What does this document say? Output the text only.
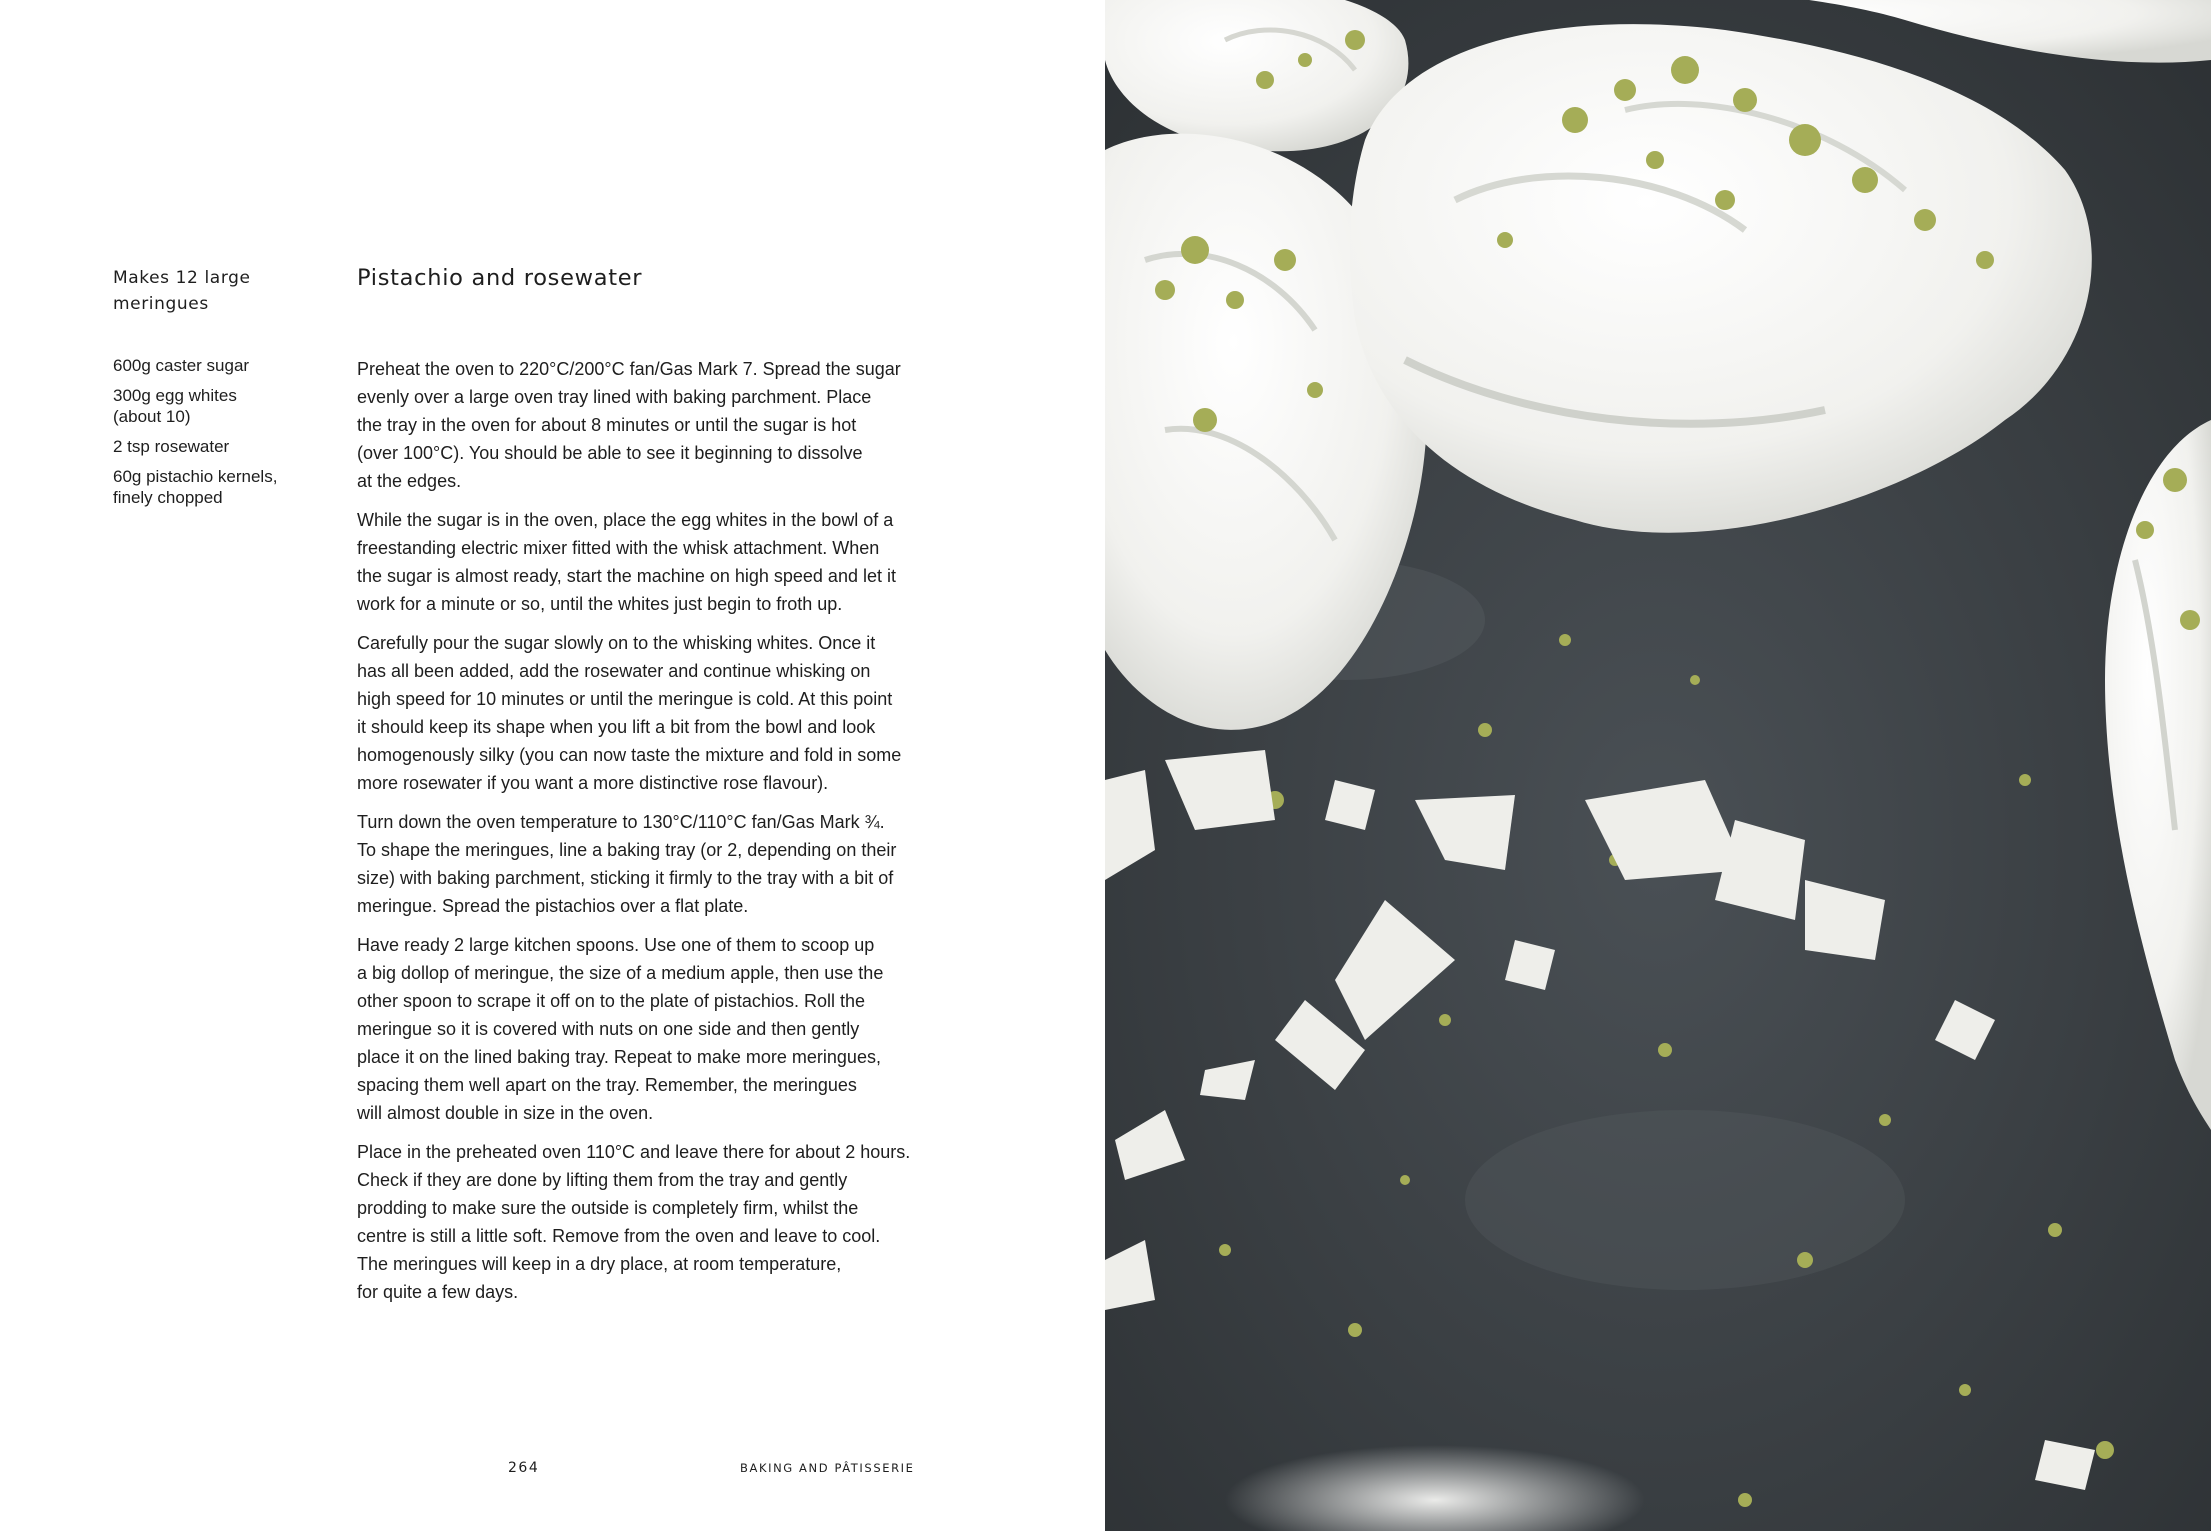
Makes 12 large
meringues
600g caster sugar
300g egg whites
(about 10)
2 tsp rosewater
60g pistachio kernels,
finely chopped
Pistachio and rosewater

Preheat the oven to 220°C/200°C fan/Gas Mark 7. Spread the sugar
evenly over a large oven tray lined with baking parchment. Place
the tray in the oven for about 8 minutes or until the sugar is hot
(over 100°C). You should be able to see it beginning to dissolve
at the edges.

While the sugar is in the oven, place the egg whites in the bowl of a
freestanding electric mixer fitted with the whisk attachment. When
the sugar is almost ready, start the machine on high speed and let it
work for a minute or so, until the whites just begin to froth up.

Carefully pour the sugar slowly on to the whisking whites. Once it
has all been added, add the rosewater and continue whisking on
high speed for 10 minutes or until the meringue is cold. At this point
it should keep its shape when you lift a bit from the bowl and look
homogenously silky (you can now taste the mixture and fold in some
more rosewater if you want a more distinctive rose flavour).

Turn down the oven temperature to 130°C/110°C fan/Gas Mark ¾.
To shape the meringues, line a baking tray (or 2, depending on their
size) with baking parchment, sticking it firmly to the tray with a bit of
meringue. Spread the pistachios over a flat plate.

Have ready 2 large kitchen spoons. Use one of them to scoop up
a big dollop of meringue, the size of a medium apple, then use the
other spoon to scrape it off on to the plate of pistachios. Roll the
meringue so it is covered with nuts on one side and then gently
place it on the lined baking tray. Repeat to make more meringues,
spacing them well apart on the tray. Remember, the meringues
will almost double in size in the oven.

Place in the preheated oven 110°C and leave there for about 2 hours.
Check if they are done by lifting them from the tray and gently
prodding to make sure the outside is completely firm, whilst the
centre is still a little soft. Remove from the oven and leave to cool.
The meringues will keep in a dry place, at room temperature,
for quite a few days.

264	BAKING AND PÂTISSERIE
